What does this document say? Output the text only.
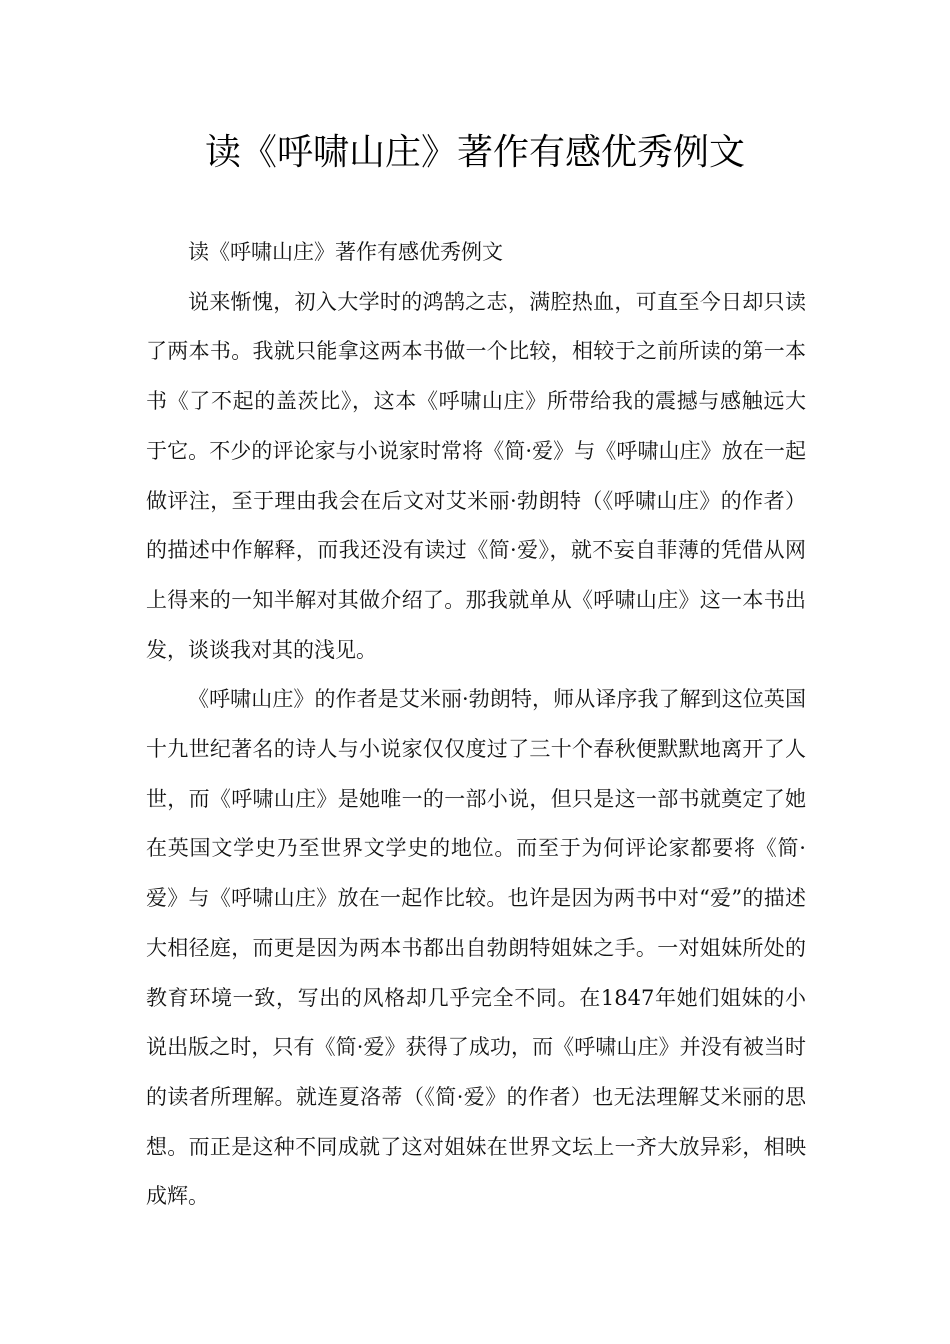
读《呼啸山庄》著作有感优秀例文

读《呼啸山庄》著作有感优秀例文

说来惭愧，初入大学时的鸿鹄之志，满腔热血，可直至今日却只读了两本书。我就只能拿这两本书做一个比较，相较于之前所读的第一本书《了不起的盖茨比》，这本《呼啸山庄》所带给我的震撼与感触远大于它。不少的评论家与小说家时常将《简·爱》与《呼啸山庄》放在一起做评注，至于理由我会在后文对艾米丽·勃朗特（《呼啸山庄》的作者）的描述中作解释，而我还没有读过《简·爱》，就不妄自菲薄的凭借从网上得来的一知半解对其做介绍了。那我就单从《呼啸山庄》这一本书出发，谈谈我对其的浅见。

《呼啸山庄》的作者是艾米丽·勃朗特，师从译序我了解到这位英国十九世纪著名的诗人与小说家仅仅度过了三十个春秋便默默地离开了人世，而《呼啸山庄》是她唯一的一部小说，但只是这一部书就奠定了她在英国文学史乃至世界文学史的地位。而至于为何评论家都要将《简·爱》与《呼啸山庄》放在一起作比较。也许是因为两书中对“爱”的描述大相径庭，而更是因为两本书都出自勃朗特姐妹之手。一对姐妹所处的教育环境一致，写出的风格却几乎完全不同。在1847年她们姐妹的小说出版之时，只有《简·爱》获得了成功，而《呼啸山庄》并没有被当时的读者所理解。就连夏洛蒂（《简·爱》的作者）也无法理解艾米丽的思想。而正是这种不同成就了这对姐妹在世界文坛上一齐大放异彩，相映成辉。
